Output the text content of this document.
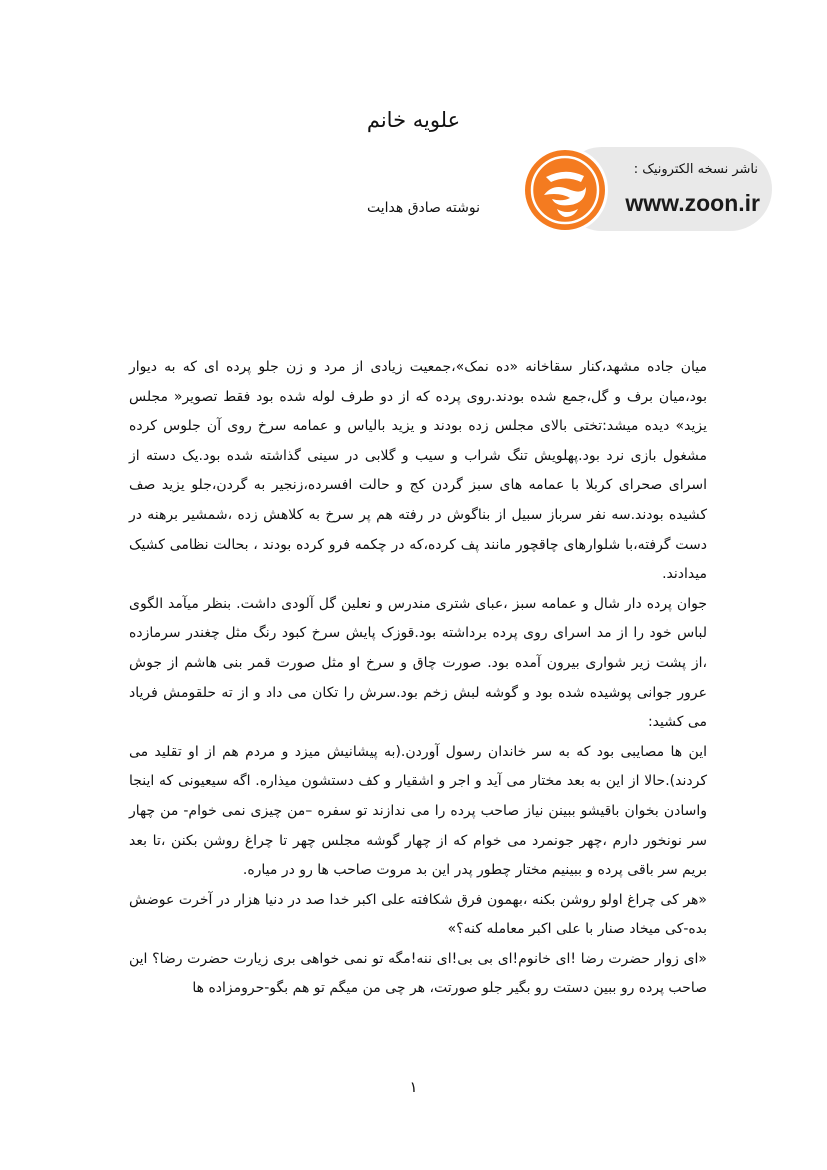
علویه خانم
ناشر نسخه الکترونیک :
www.zoon.ir
نوشته صادق هدایت

میان جاده مشهد،کنار سقاخانه «ده نمک»،جمعیت زیادی از مرد و زن جلو پرده ای که به دیوار بود،میان برف و گل،جمع شده بودند.روی پرده که از دو طرف لوله شده بود فقط تصویر« مجلس یزید» دیده میشد:تختی بالای مجلس زده بودند و یزید بالیاس و عمامه سرخ روی آن جلوس کرده مشغول بازی نرد بود.پهلویش تنگ شراب و سیب و گلابی در سینی گذاشته شده بود.یک دسته از اسرای صحرای کربلا با عمامه های سبز گردن کج و حالت افسرده،زنجیر به گردن،جلو یزید صف کشیده بودند.سه نفر سرباز سبیل از بناگوش در رفته هم پر سرخ به کلاهش زده ،شمشیر برهنه در دست گرفته،با شلوارهای چاقچور مانند پف کرده،که در چکمه فرو کرده بودند ، بحالت نظامی کشیک میدادند.

جوان پرده دار شال و عمامه سبز ،عبای شتری مندرس و نعلین گل آلودی داشت. بنظر میآمد الگوی لباس خود را از مد اسرای روی پرده برداشته بود.قوزک پایش سرخ کبود رنگ مثل چغندر سرمازده ،از پشت زیر شواری بیرون آمده بود. صورت چاق و سرخ او مثل صورت قمر بنی هاشم از جوش عرور جوانی پوشیده شده بود و گوشه لبش زخم بود.سرش را تکان می داد و از ته حلقومش فریاد می کشید:

این ها مصایبی بود که به سر خاندان رسول آوردن.(به پیشانیش میزد و مردم هم از او تقلید می کردند).حالا از این به بعد مختار می آید و اجر و اشقیار و کف دستشون میذاره. اگه سیعیونی که اینجا واسادن بخوان باقیشو ببینن نیاز صاحب پرده را می ندازند تو سفره –من چیزی نمی خوام- من چهار سر نونخور دارم ،چهر جونمرد می خوام که از چهار گوشه مجلس چهر تا چراغ روشن بکنن ،تا بعد بریم سر باقی پرده و ببینیم مختار چطور پدر این بد مروت صاحب ها رو در میاره.

«هر کی چراغ اولو روشن بکنه ،بهمون فرق شکافته علی اکبر خدا صد در دنیا هزار در آخرت عوضش بده-کی میخاد صنار با علی اکبر معامله کنه؟»

«ای زوار حضرت رضا !ای خانوم!ای بی بی!ای ننه!مگه تو نمی خواهی بری زیارت حضرت رضا؟ این صاحب پرده رو ببین دستت رو بگیر جلو صورتت، هر چی من میگم تو هم بگو-حرومزاده ها

۱
